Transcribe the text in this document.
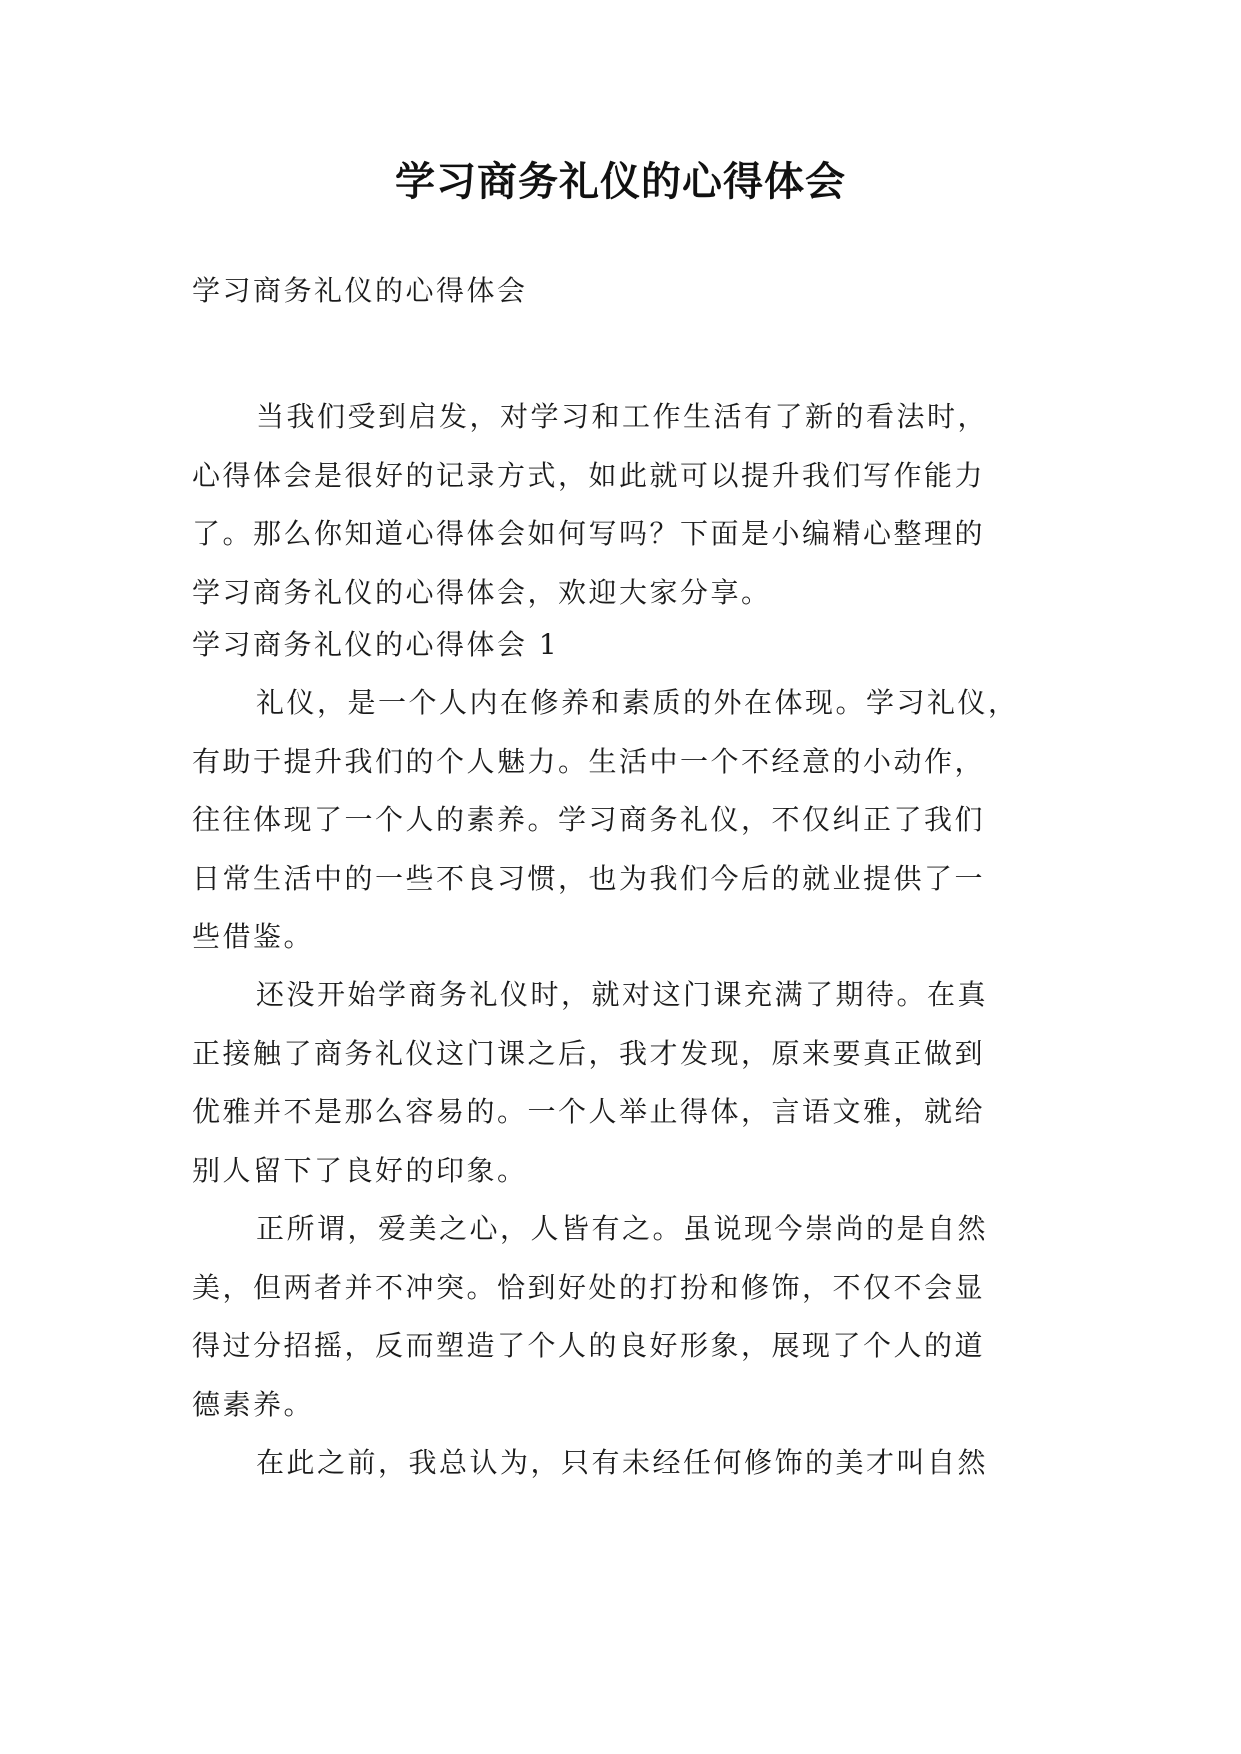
学习商务礼仪的心得体会

学习商务礼仪的心得体会

当我们受到启发，对学习和工作生活有了新的看法时，
心得体会是很好的记录方式，如此就可以提升我们写作能力
了。那么你知道心得体会如何写吗？下面是小编精心整理的
学习商务礼仪的心得体会，欢迎大家分享。

学习商务礼仪的心得体会 1

礼仪，是一个人内在修养和素质的外在体现。学习礼仪，
有助于提升我们的个人魅力。生活中一个不经意的小动作，
往往体现了一个人的素养。学习商务礼仪，不仅纠正了我们
日常生活中的一些不良习惯，也为我们今后的就业提供了一
些借鉴。
还没开始学商务礼仪时，就对这门课充满了期待。在真
正接触了商务礼仪这门课之后，我才发现，原来要真正做到
优雅并不是那么容易的。一个人举止得体，言语文雅，就给
别人留下了良好的印象。
正所谓，爱美之心，人皆有之。虽说现今崇尚的是自然
美，但两者并不冲突。恰到好处的打扮和修饰，不仅不会显
得过分招摇，反而塑造了个人的良好形象，展现了个人的道
德素养。
在此之前，我总认为，只有未经任何修饰的美才叫自然
